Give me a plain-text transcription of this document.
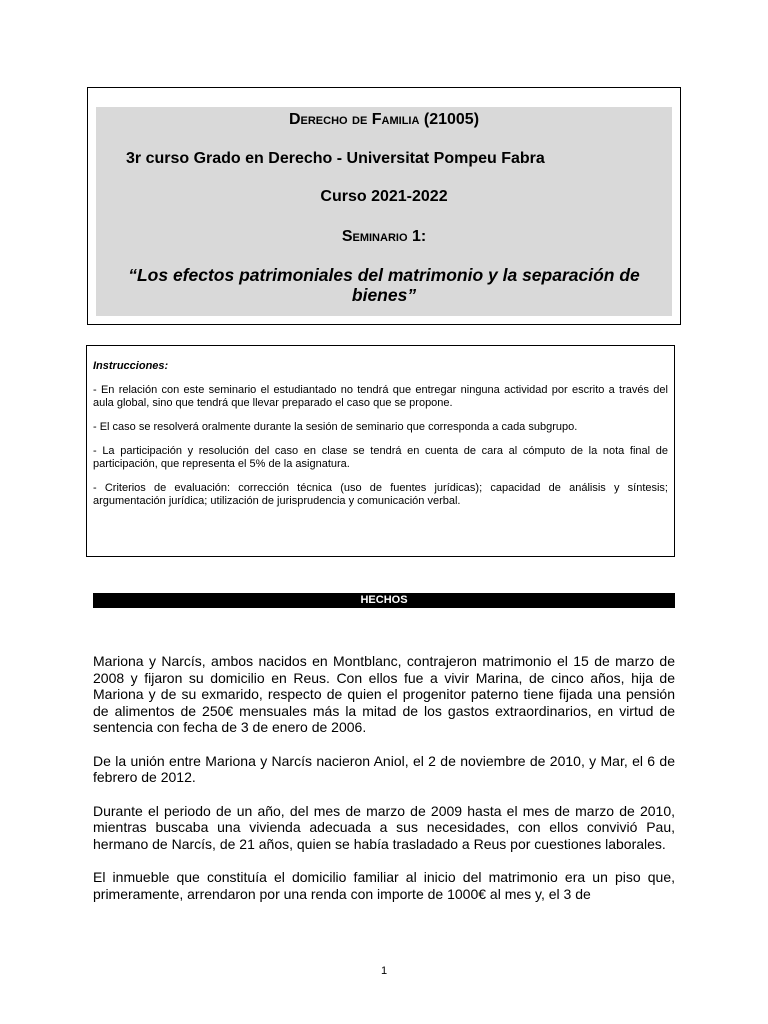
Derecho de Familia (21005)
3r curso Grado en Derecho - Universitat Pompeu Fabra
Curso 2021-2022
Seminario 1:
“Los efectos patrimoniales del matrimonio y la separación de bienes”

Instrucciones:

- En relación con este seminario el estudiantado no tendrá que entregar ninguna actividad por escrito a través del aula global, sino que tendrá que llevar preparado el caso que se propone.

- El caso se resolverá oralmente durante la sesión de seminario que corresponda a cada subgrupo.

- La participación y resolución del caso en clase se tendrá en cuenta de cara al cómputo de la nota final de participación, que representa el 5% de la asignatura.

- Criterios de evaluación: corrección técnica (uso de fuentes jurídicas); capacidad de análisis y síntesis; argumentación jurídica; utilización de jurisprudencia y comunicación verbal.

HECHOS

Mariona y Narcís, ambos nacidos en Montblanc, contrajeron matrimonio el 15 de marzo de 2008 y fijaron su domicilio en Reus. Con ellos fue a vivir Marina, de cinco años, hija de Mariona y de su exmarido, respecto de quien el progenitor paterno tiene fijada una pensión de alimentos de 250€ mensuales más la mitad de los gastos extraordinarios, en virtud de sentencia con fecha de 3 de enero de 2006.

De la unión entre Mariona y Narcís nacieron Aniol, el 2 de noviembre de 2010, y Mar, el 6 de febrero de 2012.

Durante el periodo de un año, del mes de marzo de 2009 hasta el mes de marzo de 2010, mientras buscaba una vivienda adecuada a sus necesidades, con ellos convivió Pau, hermano de Narcís, de 21 años, quien se había trasladado a Reus por cuestiones laborales.

El inmueble que constituía el domicilio familiar al inicio del matrimonio era un piso que, primeramente, arrendaron por una renda con importe de 1000€ al mes y, el 3 de

1
